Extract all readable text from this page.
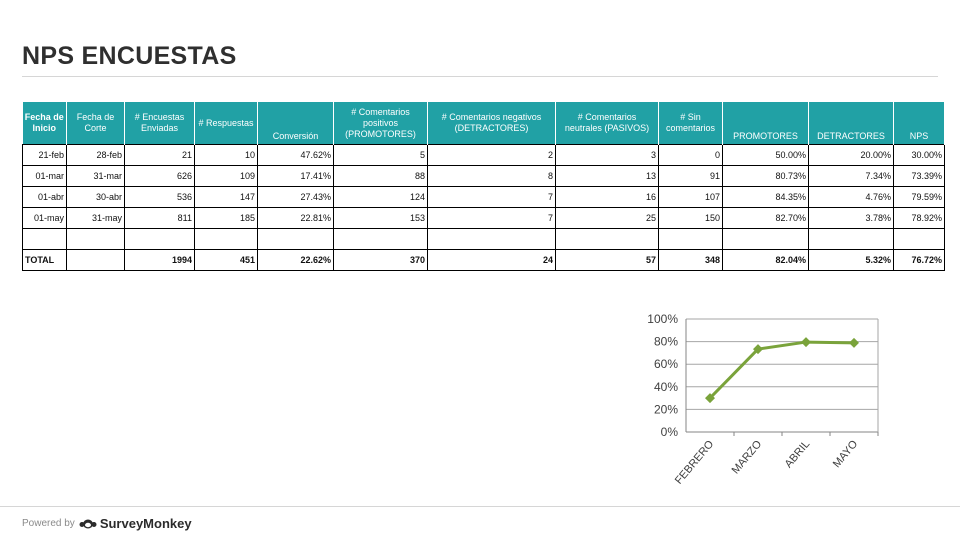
NPS ENCUESTAS
Fecha de Inicio	Fecha de Corte	# Encuestas Enviadas	# Respuestas	Conversión	# Comentarios positivos (PROMOTORES)	# Comentarios negativos (DETRACTORES)	# Comentarios neutrales (PASIVOS)	# Sin comentarios	PROMOTORES	DETRACTORES	NPS
21-feb	28-feb	21	10	47.62%	5	2	3	0	50.00%	20.00%	30.00%
01-mar	31-mar	626	109	17.41%	88	8	13	91	80.73%	7.34%	73.39%
01-abr	30-abr	536	147	27.43%	124	7	16	107	84.35%	4.76%	79.59%
01-may	31-may	811	185	22.81%	153	7	25	150	82.70%	3.78%	78.92%

TOTAL		1994	451	22.62%	370	24	57	348	82.04%	5.32%	76.72%
0%
20%
40%
60%
80%
100%
FEBRERO MARZO ABRIL MAYO
Powered by SurveyMonkey
